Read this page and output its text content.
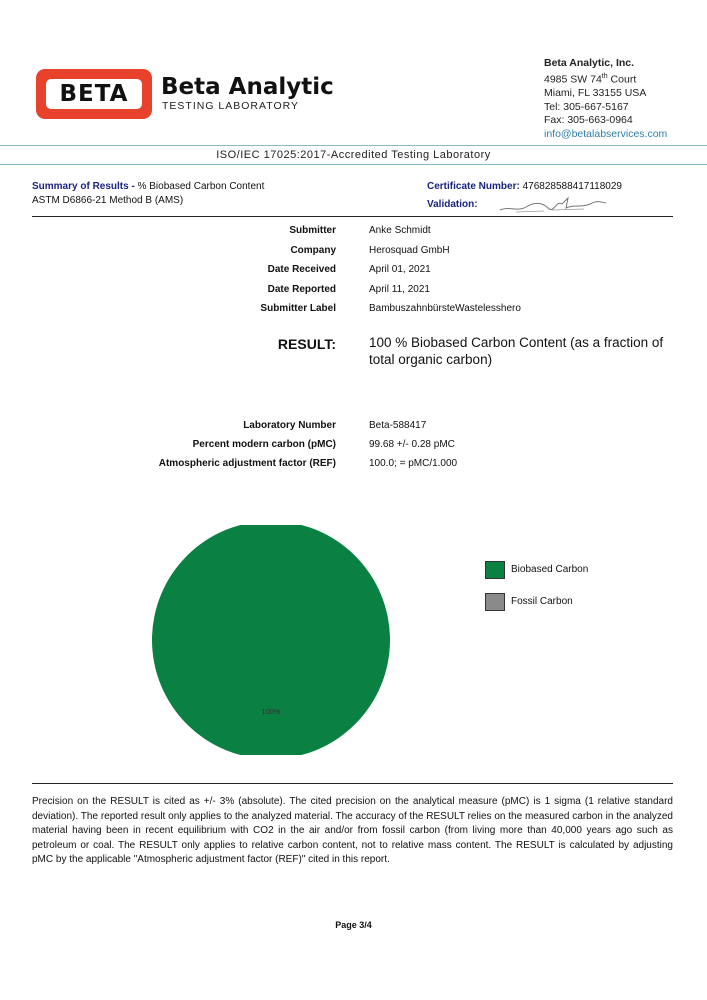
BETA Beta Analytic
TESTING LABORATORY
Beta Analytic, Inc.
4985 SW 74th Court
Miami, FL 33155 USA
Tel: 305-667-5167
Fax: 305-663-0964
info@betalabservices.com
ISO/IEC 17025:2017-Accredited Testing Laboratory
Summary of Results - % Biobased Carbon Content
ASTM D6866-21 Method B (AMS)
Certificate Number: 476828588417118029
Validation:
Submitter	Anke Schmidt
Company	Herosquad GmbH
Date Received	April 01, 2021
Date Reported	April 11, 2021
Submitter Label	BambuszahnbürsteWastelesshero
RESULT: 100 % Biobased Carbon Content (as a fraction of total organic carbon)
Laboratory Number	Beta-588417
Percent modern carbon (pMC)	99.68 +/- 0.28 pMC
Atmospheric adjustment factor (REF)	100.0; = pMC/1.000
100%
Biobased Carbon
Fossil Carbon
Precision on the RESULT is cited as +/- 3% (absolute). The cited precision on the analytical measure (pMC) is 1 sigma (1 relative standard deviation). The reported result only applies to the analyzed material. The accuracy of the RESULT relies on the measured carbon in the analyzed material having been in recent equilibrium with CO2 in the air and/or from fossil carbon (from living more than 40,000 years ago such as petroleum or coal. The RESULT only applies to relative carbon content, not to relative mass content. The RESULT is calculated by adjusting pMC by the applicable "Atmospheric adjustment factor (REF)" cited in this report.
Page 3/4
